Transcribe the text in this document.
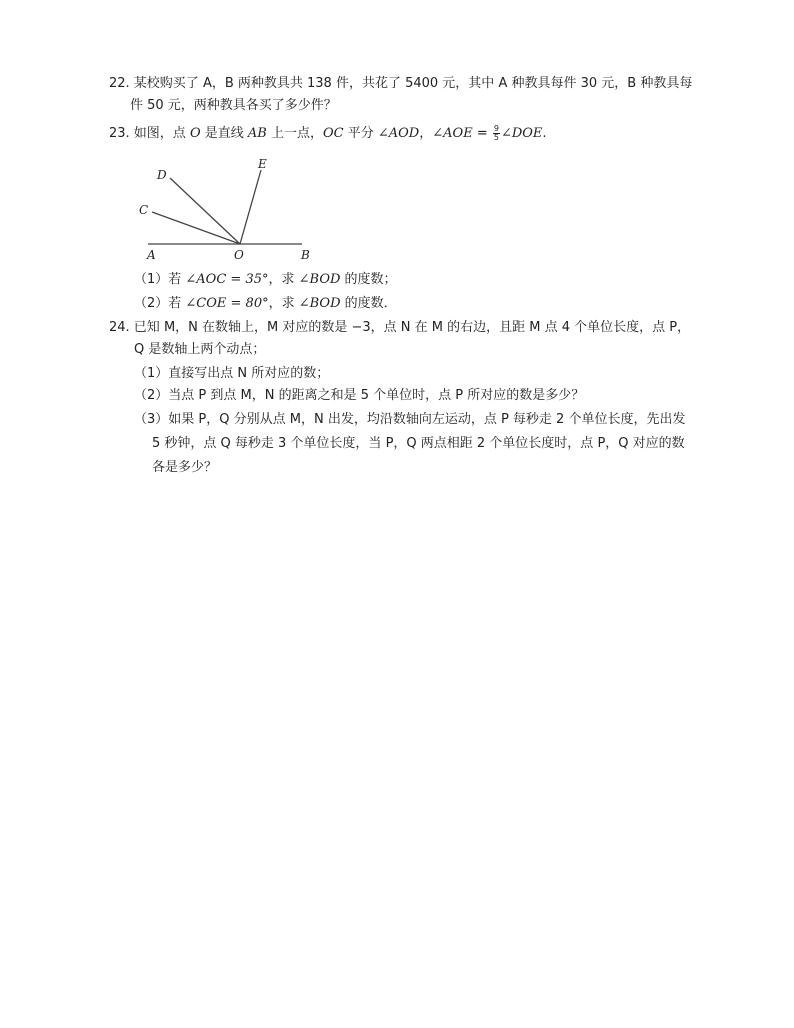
22. 某校购买了 A，B 两种教具共 138 件，共花了 5400 元，其中 A 种教具每件 30 元，B 种教具每
件 50 元，两种教具各买了多少件？
23. 如图，点 O 是直线 AB 上一点，OC 平分 ∠AOD，∠AOE = $\frac{9}{5}$ ∠DOE.
D
C
E
A	O	B
（1）若 ∠AOC = 35°，求 ∠BOD 的度数；
（2）若 ∠COE = 80°，求 ∠BOD 的度数．
24. 已知 M，N 在数轴上，M 对应的数是 −3，点 N 在 M 的右边，且距 M 点 4 个单位长度，点 P，
Q 是数轴上两个动点；
（1）直接写出点 N 所对应的数；
（2）当点 P 到点 M，N 的距离之和是 5 个单位时，点 P 所对应的数是多少？
（3）如果 P，Q 分别从点 M，N 出发，均沿数轴向左运动，点 P 每秒走 2 个单位长度，先出发
5 秒钟，点 Q 每秒走 3 个单位长度，当 P，Q 两点相距 2 个单位长度时，点 P，Q 对应的数
各是多少？
